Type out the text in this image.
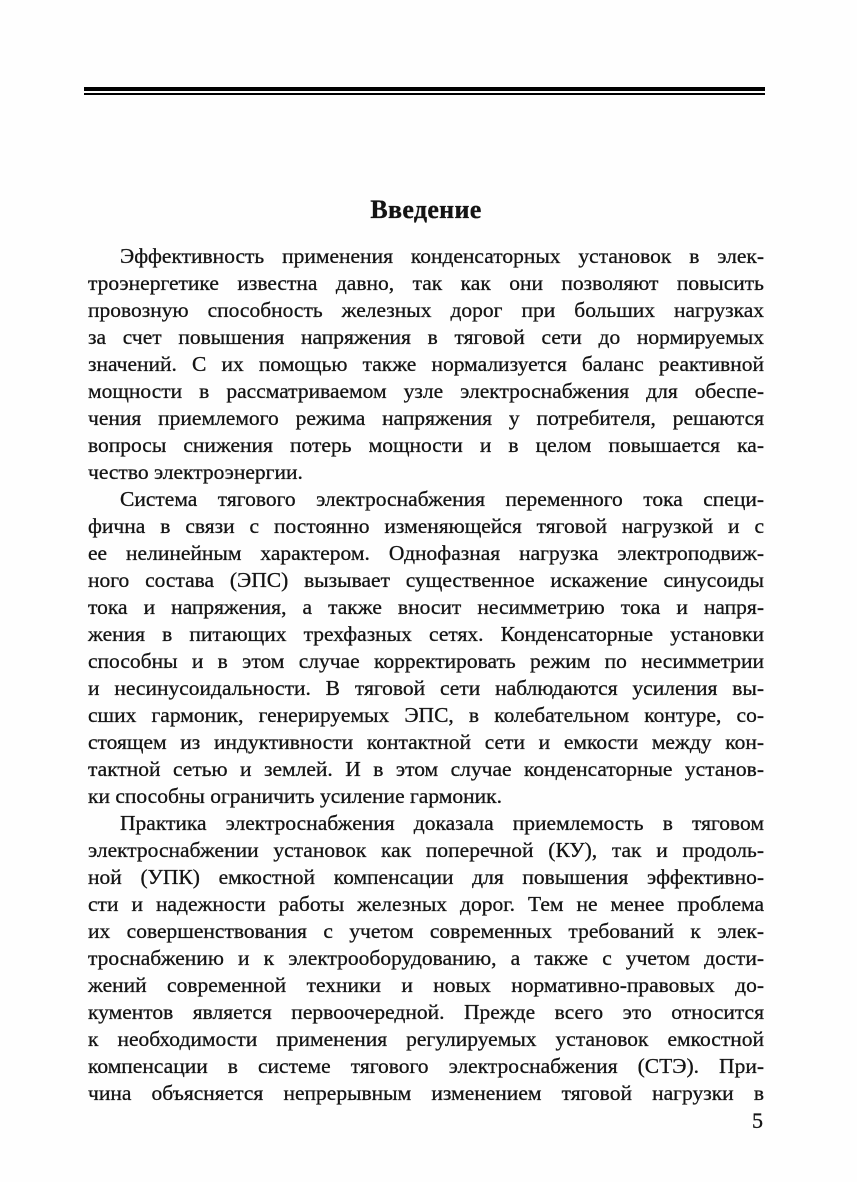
Введение
Эффективность применения конденсаторных установок в элек-
троэнергетике известна давно, так как они позволяют повысить
провозную способность железных дорог при больших нагрузках
за счет повышения напряжения в тяговой сети до нормируемых
значений. С их помощью также нормализуется баланс реактивной
мощности в рассматриваемом узле электроснабжения для обеспе-
чения приемлемого режима напряжения у потребителя, решаются
вопросы снижения потерь мощности и в целом повышается ка-
чество электроэнергии.
Система тягового электроснабжения переменного тока специ-
фична в связи с постоянно изменяющейся тяговой нагрузкой и с
ее нелинейным характером. Однофазная нагрузка электроподвиж-
ного состава (ЭПС) вызывает существенное искажение синусоиды
тока и напряжения, а также вносит несимметрию тока и напря-
жения в питающих трехфазных сетях. Конденсаторные установки
способны и в этом случае корректировать режим по несимметрии
и несинусоидальности. В тяговой сети наблюдаются усиления вы-
сших гармоник, генерируемых ЭПС, в колебательном контуре, со-
стоящем из индуктивности контактной сети и емкости между кон-
тактной сетью и землей. И в этом случае конденсаторные установ-
ки способны ограничить усиление гармоник.
Практика электроснабжения доказала приемлемость в тяговом
электроснабжении установок как поперечной (КУ), так и продоль-
ной (УПК) емкостной компенсации для повышения эффективно-
сти и надежности работы железных дорог. Тем не менее проблема
их совершенствования с учетом современных требований к элек-
троснабжению и к электрооборудованию, а также с учетом дости-
жений современной техники и новых нормативно-правовых до-
кументов является первоочередной. Прежде всего это относится
к необходимости применения регулируемых установок емкостной
компенсации в системе тягового электроснабжения (СТЭ). При-
чина объясняется непрерывным изменением тяговой нагрузки в
5
